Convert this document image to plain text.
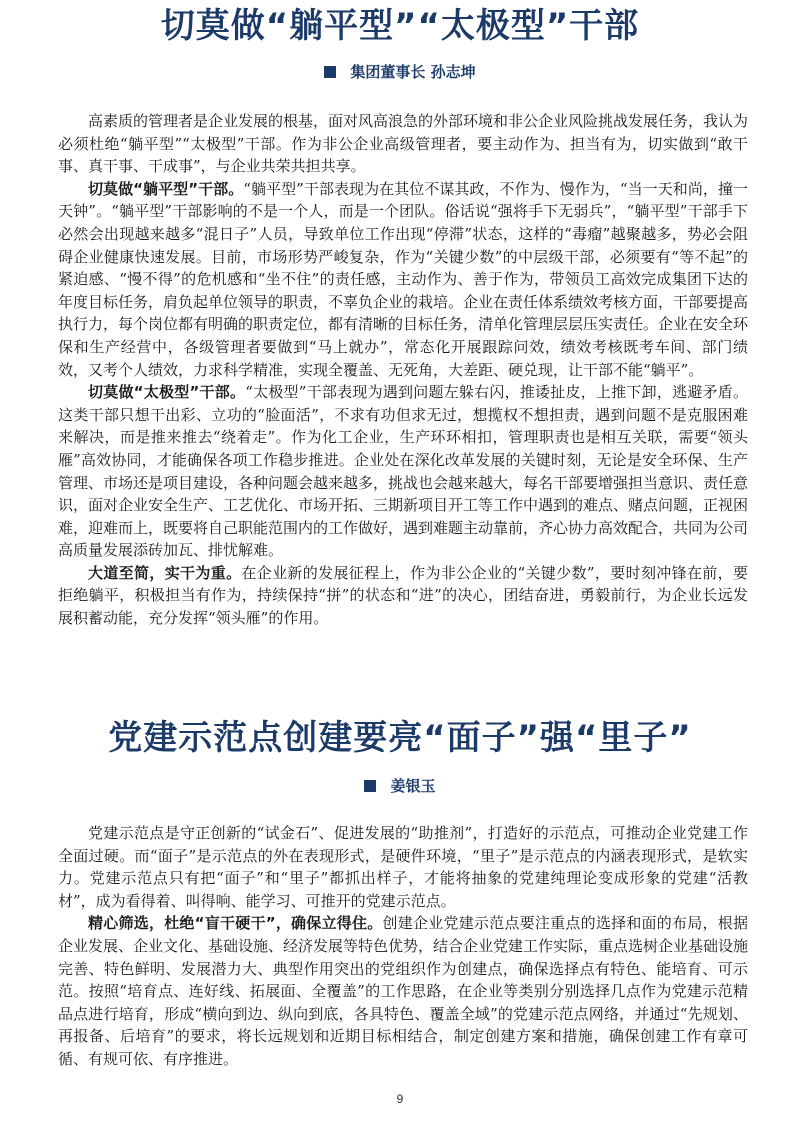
切莫做“躺平型”“太极型”干部
集团董事长 孙志坤

高素质的管理者是企业发展的根基，面对风高浪急的外部环境和非公企业风险挑战发展任务，我认为必须杜绝“躺平型”“太极型”干部。作为非公企业高级管理者，要主动作为、担当有为，切实做到“敢干事、真干事、干成事”，与企业共荣共担共享。

切莫做“躺平型”干部。“躺平型”干部表现为在其位不谋其政，不作为、慢作为，“当一天和尚，撞一天钟”。“躺平型”干部影响的不是一个人，而是一个团队。俗话说“强将手下无弱兵”，“躺平型”干部手下必然会出现越来越多“混日子”人员，导致单位工作出现“停滞”状态，这样的“毒瘤”越聚越多，势必会阻碍企业健康快速发展。目前，市场形势严峻复杂，作为“关键少数”的中层级干部，必须要有“等不起”的紧迫感、“慢不得”的危机感和“坐不住”的责任感，主动作为、善于作为，带领员工高效完成集团下达的年度目标任务，肩负起单位领导的职责，不辜负企业的栽培。企业在责任体系绩效考核方面，干部要提高执行力，每个岗位都有明确的职责定位，都有清晰的目标任务，清单化管理层层压实责任。企业在安全环保和生产经营中，各级管理者要做到“马上就办”，常态化开展跟踪问效，绩效考核既考车间、部门绩效，又考个人绩效，力求科学精准，实现全覆盖、无死角，大差距、硬兑现，让干部不能“躺平”。

切莫做“太极型”干部。“太极型”干部表现为遇到问题左躲右闪，推诿扯皮，上推下卸，逃避矛盾。这类干部只想干出彩、立功的“脸面活”，不求有功但求无过，想揽权不想担责，遇到问题不是克服困难来解决，而是推来推去“绕着走”。作为化工企业，生产环环相扣，管理职责也是相互关联，需要“领头雁”高效协同，才能确保各项工作稳步推进。企业处在深化改革发展的关键时刻，无论是安全环保、生产管理、市场还是项目建设，各种问题会越来越多，挑战也会越来越大，每名干部要增强担当意识、责任意识，面对企业安全生产、工艺优化、市场开拓、三期新项目开工等工作中遇到的难点、赌点问题，正视困难，迎难而上，既要将自己职能范围内的工作做好，遇到难题主动靠前，齐心协力高效配合，共同为公司高质量发展添砖加瓦、排忧解难。

大道至简，实干为重。在企业新的发展征程上，作为非公企业的“关键少数”，要时刻冲锋在前，要拒绝躺平，积极担当有作为，持续保持“拼”的状态和“进”的决心，团结奋进，勇毅前行，为企业长远发展积蓄动能，充分发挥“领头雁”的作用。

党建示范点创建要亮“面子”强“里子”
姜银玉

党建示范点是守正创新的“试金石”、促进发展的“助推剂”，打造好的示范点，可推动企业党建工作全面过硬。而“面子”是示范点的外在表现形式，是硬件环境，“里子”是示范点的内涵表现形式，是软实力。党建示范点只有把“面子”和“里子”都抓出样子，才能将抽象的党建纯理论变成形象的党建“活教材”，成为看得着、叫得响、能学习、可推开的党建示范点。

精心筛选，杜绝“盲干硬干”，确保立得住。创建企业党建示范点要注重点的选择和面的布局，根据企业发展、企业文化、基础设施、经济发展等特色优势，结合企业党建工作实际，重点选树企业基础设施完善、特色鲜明、发展潜力大、典型作用突出的党组织作为创建点，确保选择点有特色、能培育、可示范。按照“培育点、连好线、拓展面、全覆盖”的工作思路，在企业等类别分别选择几点作为党建示范精品点进行培育，形成“横向到边、纵向到底，各具特色、覆盖全域”的党建示范点网络，并通过“先规划、再报备、后培育”的要求，将长远规划和近期目标相结合，制定创建方案和措施，确保创建工作有章可循、有规可依、有序推进。

9
